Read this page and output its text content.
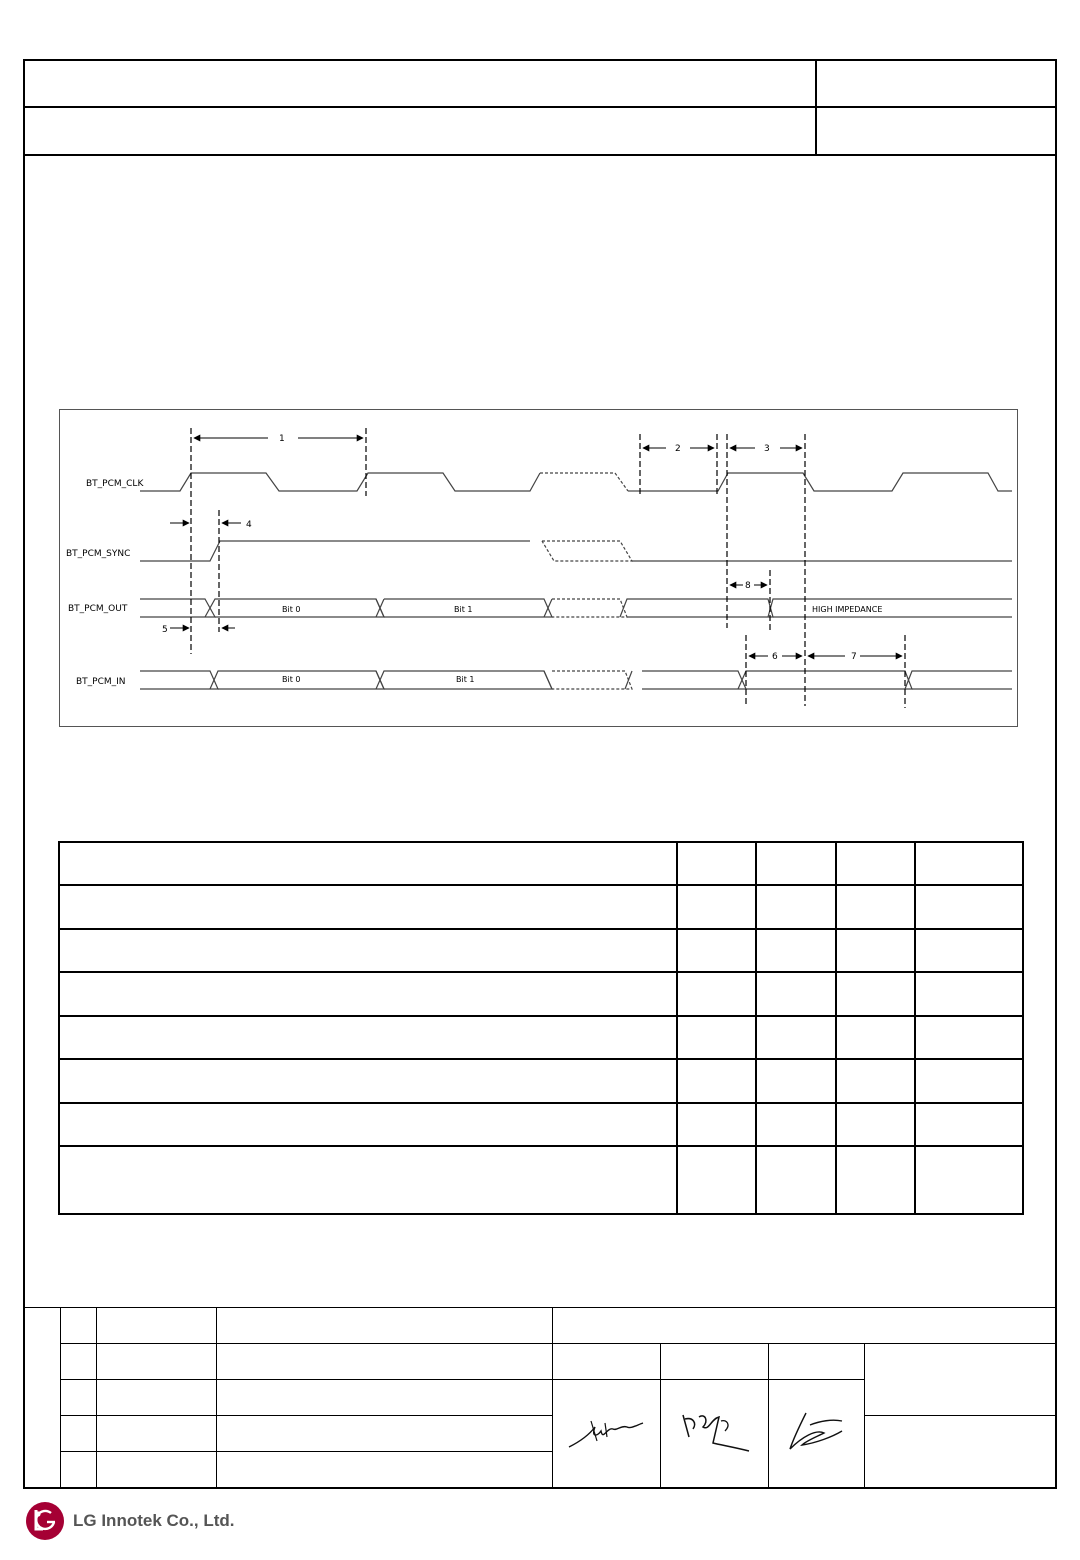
BT_PCM_CLK
BT_PCM_SYNC
BT_PCM_OUT
BT_PCM_IN
Bit 0	Bit 1	HIGH IMPEDANCE
Bit 0	Bit 1
1
2	3
4
5
6	7
8

LG Innotek Co., Ltd.
